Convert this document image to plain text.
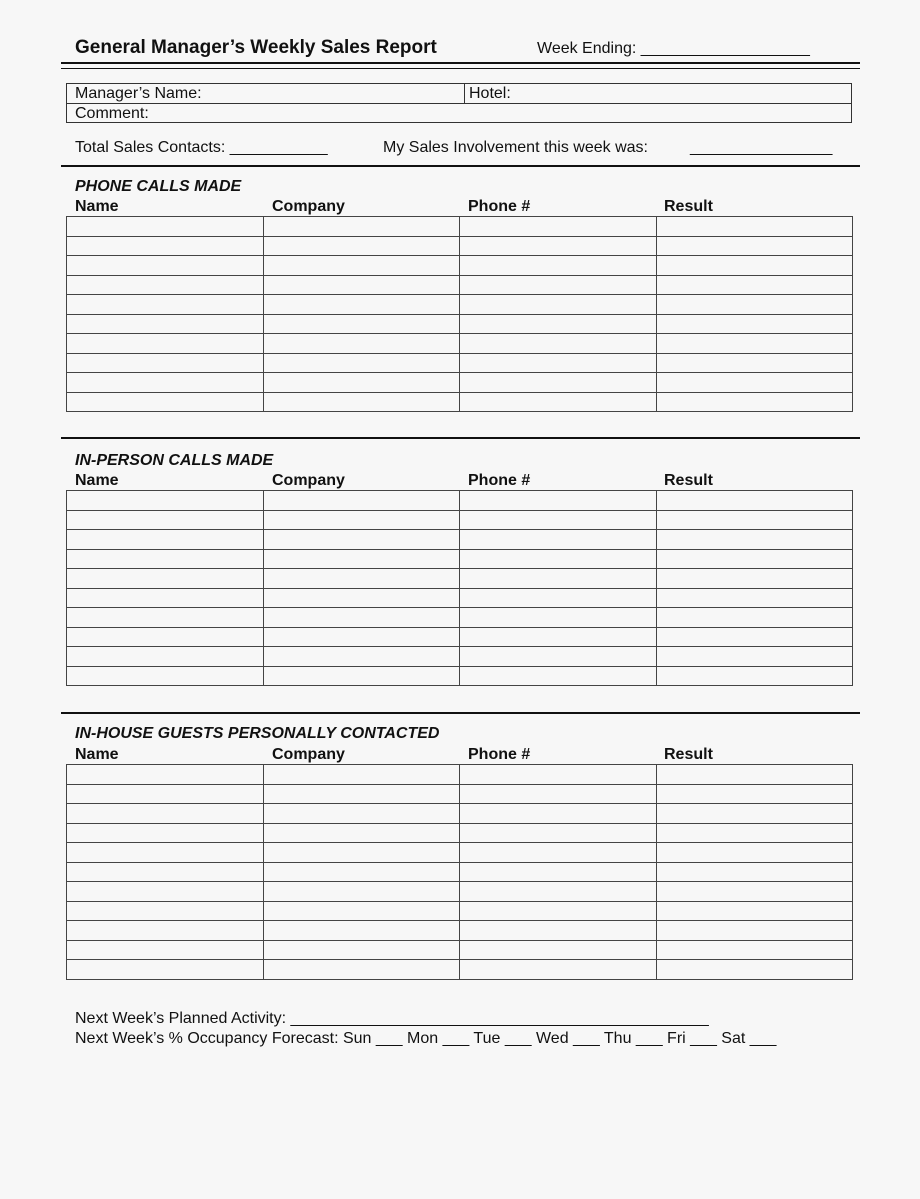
General Manager’s Weekly Sales Report	Week Ending: ___________________
Manager’s Name:	Hotel:
Comment:
Total Sales Contacts: ___________	My Sales Involvement this week was:	________________
PHONE CALLS MADE
Name	Company	Phone #	Result

IN-PERSON CALLS MADE
Name	Company	Phone #	Result

IN-HOUSE GUESTS PERSONALLY CONTACTED
Name	Company	Phone #	Result

Next Week’s Planned Activity: _______________________________________________
Next Week’s % Occupancy Forecast: Sun ___ Mon ___ Tue ___ Wed ___ Thu ___ Fri ___ Sat ___
